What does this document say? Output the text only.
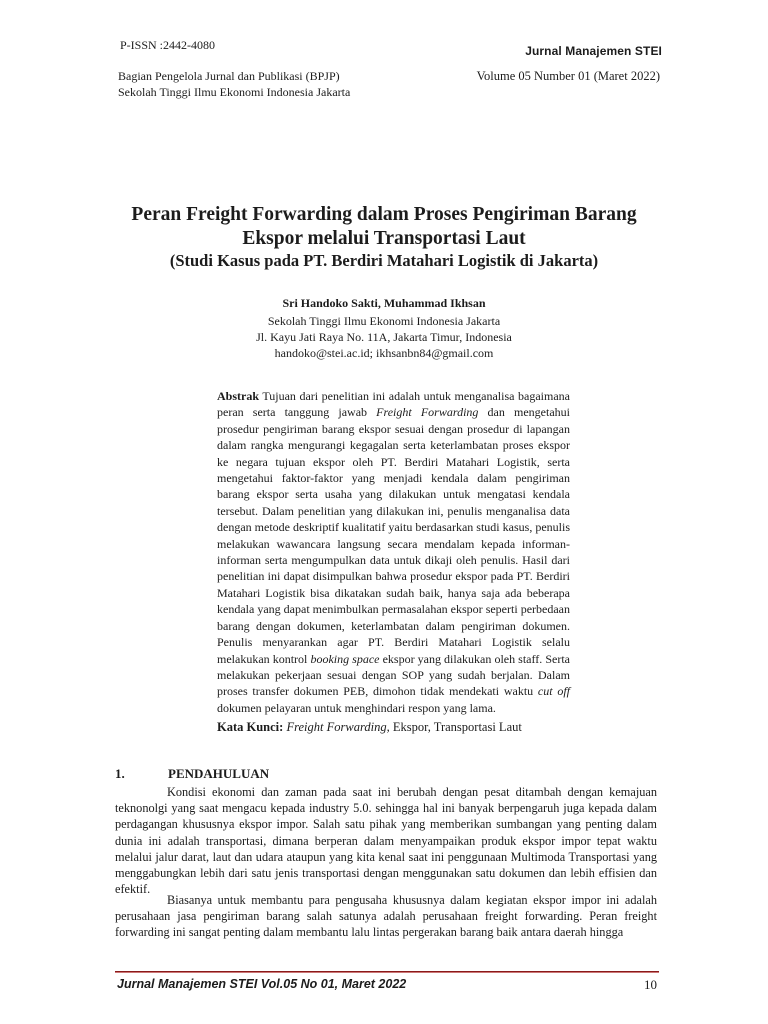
P-ISSN :2442-4080	Jurnal Manajemen STEI
Bagian Pengelola Jurnal dan Publikasi (BPJP)
Sekolah Tinggi Ilmu Ekonomi Indonesia Jakarta
Volume 05 Number 01 (Maret 2022)
Peran Freight Forwarding dalam Proses Pengiriman Barang
Ekspor melalui Transportasi Laut
(Studi Kasus pada PT. Berdiri Matahari Logistik di Jakarta)
Sri Handoko Sakti, Muhammad Ikhsan
Sekolah Tinggi Ilmu Ekonomi Indonesia Jakarta
Jl. Kayu Jati Raya No. 11A, Jakarta Timur, Indonesia
handoko@stei.ac.id; ikhsanbn84@gmail.com
Abstrak Tujuan dari penelitian ini adalah untuk menganalisa bagaimana peran serta tanggung jawab Freight Forwarding dan mengetahui prosedur pengiriman barang ekspor sesuai dengan prosedur di lapangan dalam rangka mengurangi kegagalan serta keterlambatan proses ekspor ke negara tujuan ekspor oleh PT. Berdiri Matahari Logistik, serta mengetahui faktor-faktor yang menjadi kendala dalam pengiriman barang ekspor serta usaha yang dilakukan untuk mengatasi kendala tersebut. Dalam penelitian yang dilakukan ini, penulis menganalisa data dengan metode deskriptif kualitatif yaitu berdasarkan studi kasus, penulis melakukan wawancara langsung secara mendalam kepada informan-informan serta mengumpulkan data untuk dikaji oleh penulis. Hasil dari penelitian ini dapat disimpulkan bahwa prosedur ekspor pada PT. Berdiri Matahari Logistik bisa dikatakan sudah baik, hanya saja ada beberapa kendala yang dapat menimbulkan permasalahan ekspor seperti perbedaan barang dengan dokumen, keterlambatan dalam pengiriman dokumen. Penulis menyarankan agar PT. Berdiri Matahari Logistik selalu melakukan kontrol booking space ekspor yang dilakukan oleh staff. Serta melakukan pekerjaan sesuai dengan SOP yang sudah berjalan. Dalam proses transfer dokumen PEB, dimohon tidak mendekati waktu cut off dokumen pelayaran untuk menghindari respon yang lama.
Kata Kunci: Freight Forwarding, Ekspor, Transportasi Laut
1.	PENDAHULUAN
Kondisi ekonomi dan zaman pada saat ini berubah dengan pesat ditambah dengan kemajuan teknonolgi yang saat mengacu kepada industry 5.0. sehingga hal ini banyak berpengaruh juga kepada dalam perdagangan khususnya ekspor impor. Salah satu pihak yang memberikan sumbangan yang penting dalam dunia ini adalah transportasi, dimana berperan dalam menyampaikan produk ekspor impor tepat waktu melalui jalur darat, laut dan udara ataupun yang kita kenal saat ini penggunaan Multimoda Transportasi yang menggabungkan lebih dari satu jenis transportasi dengan menggunakan satu dokumen dan lebih effisien dan efektif.
Biasanya untuk membantu para pengusaha khususnya dalam kegiatan ekspor impor ini adalah perusahaan jasa pengiriman barang salah satunya adalah perusahaan freight forwarding. Peran freight forwarding ini sangat penting dalam membantu lalu lintas pergerakan barang baik antara daerah hingga
Jurnal Manajemen STEI Vol.05 No 01, Maret 2022	10
